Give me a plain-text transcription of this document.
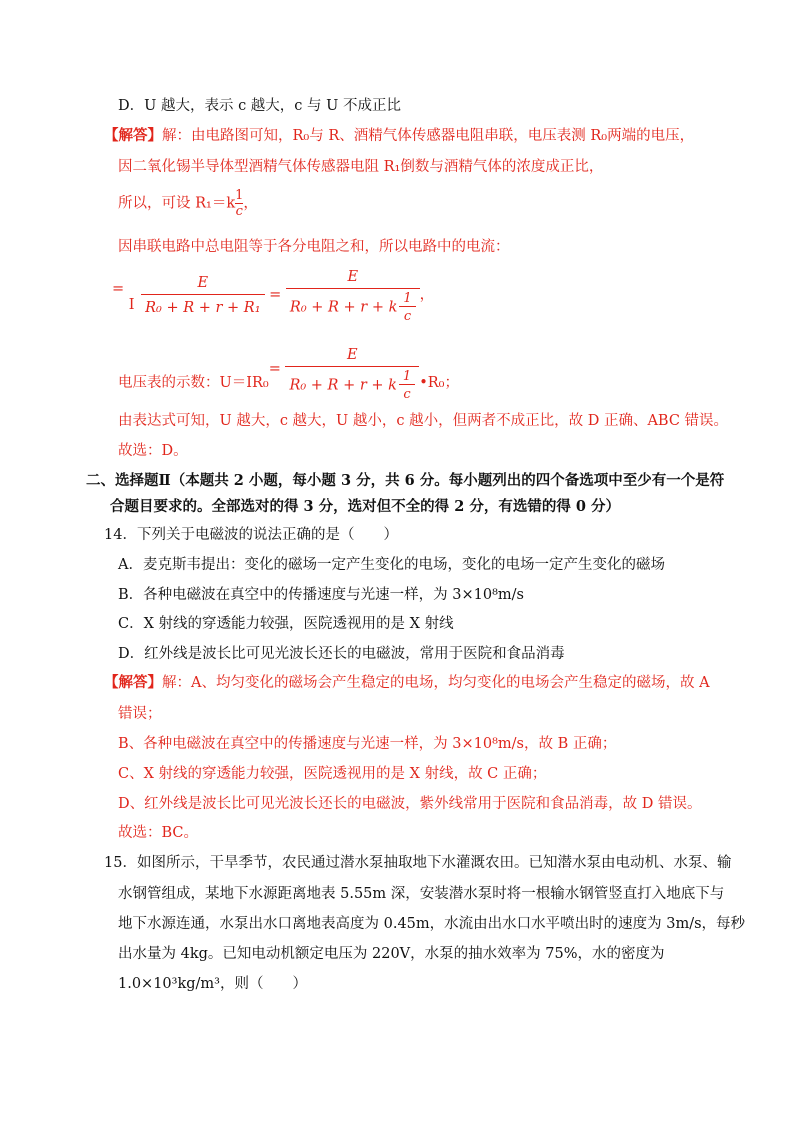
D．U 越大，表示 c 越大，c 与 U 不成正比
【解答】解：由电路图可知，R₀与 R、酒精气体传感器电阻串联，电压表测 R₀两端的电压，
因二氧化锡半导体型酒精气体传感器电阻 R₁倒数与酒精气体的浓度成正比，
所以，可设 $R_1=k \frac{1}{c}$ ，
因串联电路中总电阻等于各分电阻之和，所以电路中的电流：
= I $\frac{E}{\text{R₀ + R + r + R₁}} = \frac{E}{R_0 + R + r + k \frac{1}{c}}$ ，
电压表的示数：$U=IR_0= \frac{E}{R_0 + R + r + k \frac{1}{c}}$ •R₀；
由表达式可知，U 越大，c 越大，U 越小，c 越小，但两者不成正比，故 D 正确、ABC 错误。
故选：D。
二、选择题Ⅱ（本题共 2 小题，每小题 3 分，共 6 分。每小题列出的四个备选项中至少有一个是符
合题目要求的。全部选对的得 3 分，选对但不全的得 2 分，有选错的得 0 分）
14．下列关于电磁波的说法正确的是（　　）
A．麦克斯韦提出：变化的磁场一定产生变化的电场，变化的电场一定产生变化的磁场
B．各种电磁波在真空中的传播速度与光速一样，为 3×10⁸m/s
C．X 射线的穿透能力较强，医院透视用的是 X 射线
D．红外线是波长比可见光波长还长的电磁波，常用于医院和食品消毒
【解答】解：A、均匀变化的磁场会产生稳定的电场，均匀变化的电场会产生稳定的磁场，故 A
错误；
B、各种电磁波在真空中的传播速度与光速一样，为 3×10⁸m/s，故 B 正确；
C、X 射线的穿透能力较强，医院透视用的是 X 射线，故 C 正确；
D、红外线是波长比可见光波长还长的电磁波，紫外线常用于医院和食品消毒，故 D 错误。
故选：BC。
15．如图所示，干旱季节，农民通过潜水泵抽取地下水灌溉农田。已知潜水泵由电动机、水泵、输
水钢管组成，某地下水源距离地表 5.55m 深，安装潜水泵时将一根输水钢管竖直打入地底下与
地下水源连通，水泵出水口离地表高度为 0.45m，水流由出水口水平喷出时的速度为 3m/s，每秒
出水量为 4kg。已知电动机额定电压为 220V，水泵的抽水效率为 75%，水的密度为
1.0×10³kg/m³，则（　　）
